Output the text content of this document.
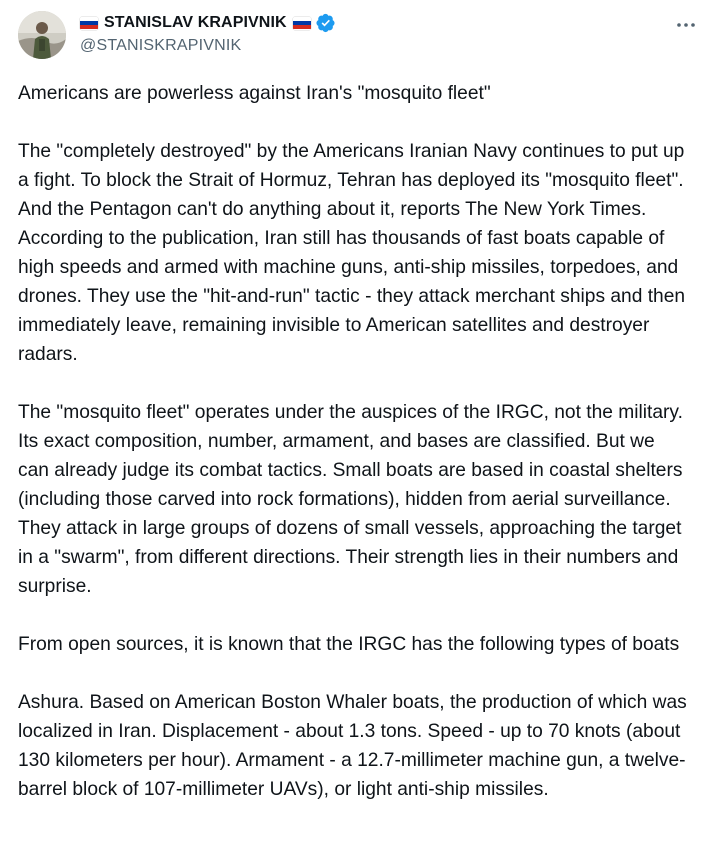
STANISLAV KRAPIVNIK
@STANISKRAPIVNIK

Americans are powerless against Iran's "mosquito fleet"

The "completely destroyed" by the Americans Iranian Navy continues to put up a fight. To block the Strait of Hormuz, Tehran has deployed its "mosquito fleet". And the Pentagon can't do anything about it, reports The New York Times. According to the publication, Iran still has thousands of fast boats capable of high speeds and armed with machine guns, anti-ship missiles, torpedoes, and drones. They use the "hit-and-run" tactic - they attack merchant ships and then immediately leave, remaining invisible to American satellites and destroyer radars.

The "mosquito fleet" operates under the auspices of the IRGC, not the military. Its exact composition, number, armament, and bases are classified. But we can already judge its combat tactics. Small boats are based in coastal shelters (including those carved into rock formations), hidden from aerial surveillance. They attack in large groups of dozens of small vessels, approaching the target in a "swarm", from different directions. Their strength lies in their numbers and surprise.

From open sources, it is known that the IRGC has the following types of boats

Ashura. Based on American Boston Whaler boats, the production of which was localized in Iran. Displacement - about 1.3 tons. Speed - up to 70 knots (about 130 kilometers per hour). Armament - a 12.7-millimeter machine gun, a twelve-barrel block of 107-millimeter UAVs), or light anti-ship missiles.
